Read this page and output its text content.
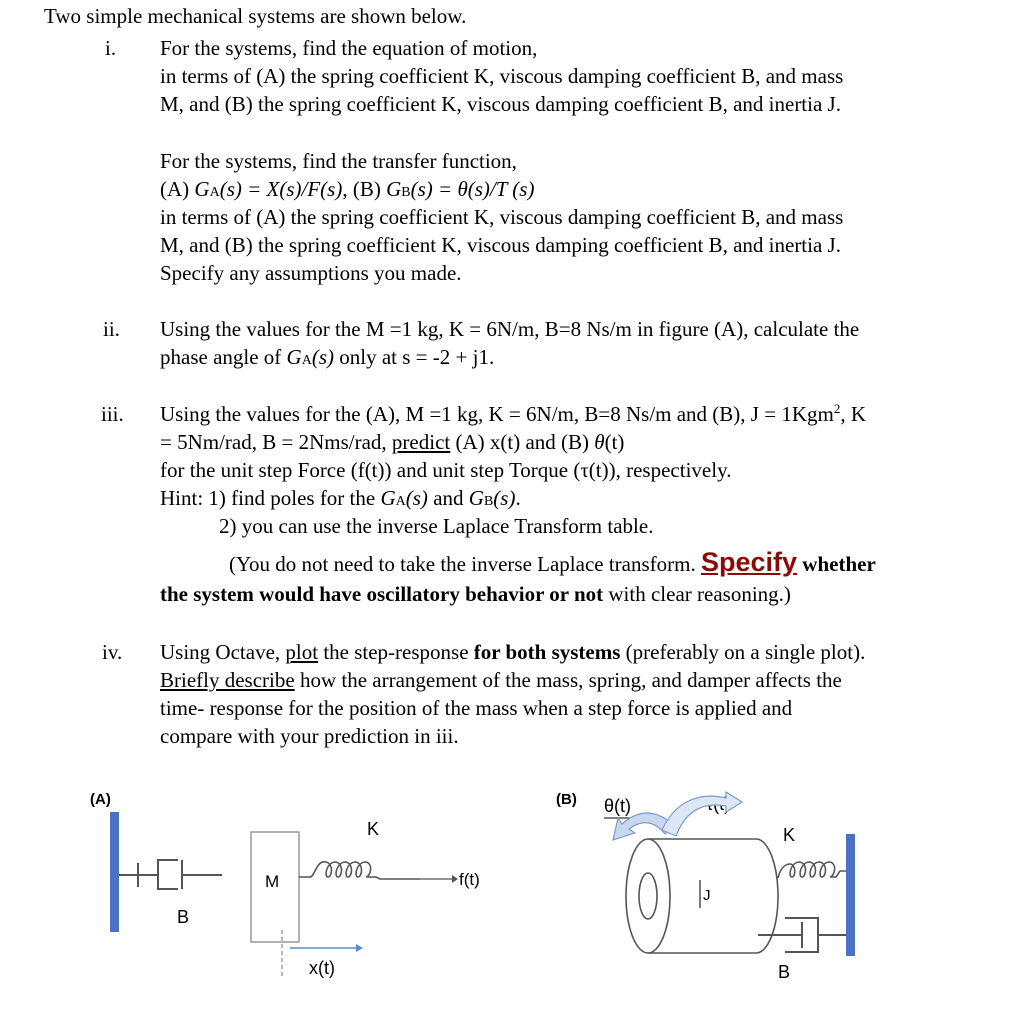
Two simple mechanical systems are shown below.
i. For the systems, find the equation of motion,
in terms of (A) the spring coefficient K, viscous damping coefficient B, and mass
M, and (B) the spring coefficient K, viscous damping coefficient B, and inertia J.
For the systems, find the transfer function,
(A) GA(s) = X(s)/F(s), (B) GB(s) = θ(s)/T (s)
in terms of (A) the spring coefficient K, viscous damping coefficient B, and mass
M, and (B) the spring coefficient K, viscous damping coefficient B, and inertia J.
Specify any assumptions you made.
ii. Using the values for the M =1 kg, K = 6N/m, B=8 Ns/m in figure (A), calculate the
phase angle of GA(s) only at s = -2 + j1.
iii. Using the values for the (A), M =1 kg, K = 6N/m, B=8 Ns/m and (B), J = 1Kgm$^2$, K
= 5Nm/rad, B = 2Nms/rad, predict (A) x(t) and (B) θ(t)
for the unit step Force (f(t)) and unit step Torque (τ(t)), respectively.
Hint: 1) find poles for the GA(s) and GB(s).
2) you can use the inverse Laplace Transform table.
(You do not need to take the inverse Laplace transform. Specify whether
the system would have oscillatory behavior or not with clear reasoning.)
iv. Using Octave, plot the step-response for both systems (preferably on a single plot).
Briefly describe how the arrangement of the mass, spring, and damper affects the
time- response for the position of the mass when a step force is applied and
compare with your prediction in iii.
(A)
B
M
K
f(t)
x(t)
(B) θ(t)
J
K
B
